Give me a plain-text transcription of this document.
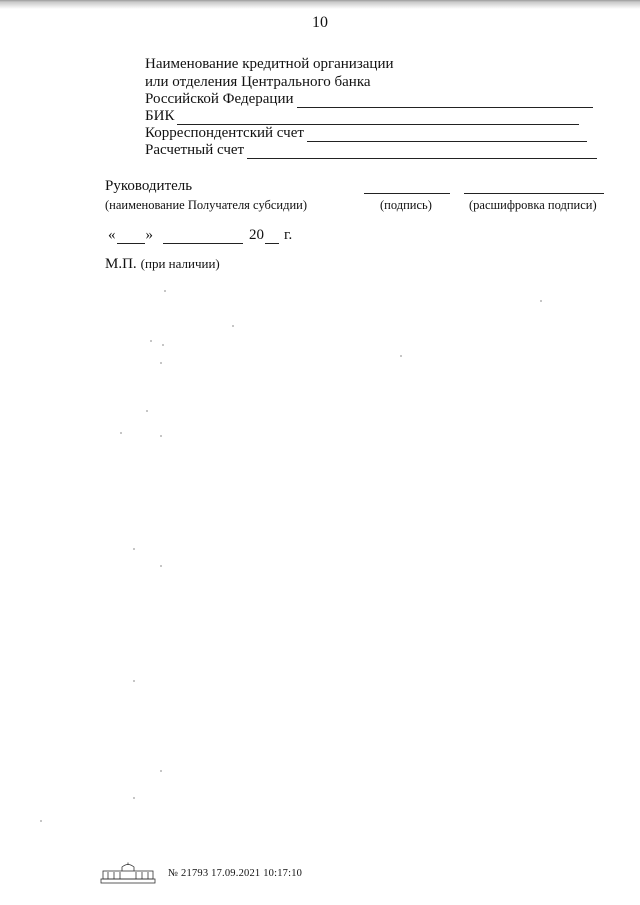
10
Наименование кредитной организации
или отделения Центрального банка
Российской Федерации
БИК
Корреспондентский счет
Расчетный счет
Руководитель
(наименование Получателя субсидии)	(подпись)	(расшифровка подписи)
« »	20 г.
М.П. (при наличии)
№ 21793 17.09.2021 10:17:10
